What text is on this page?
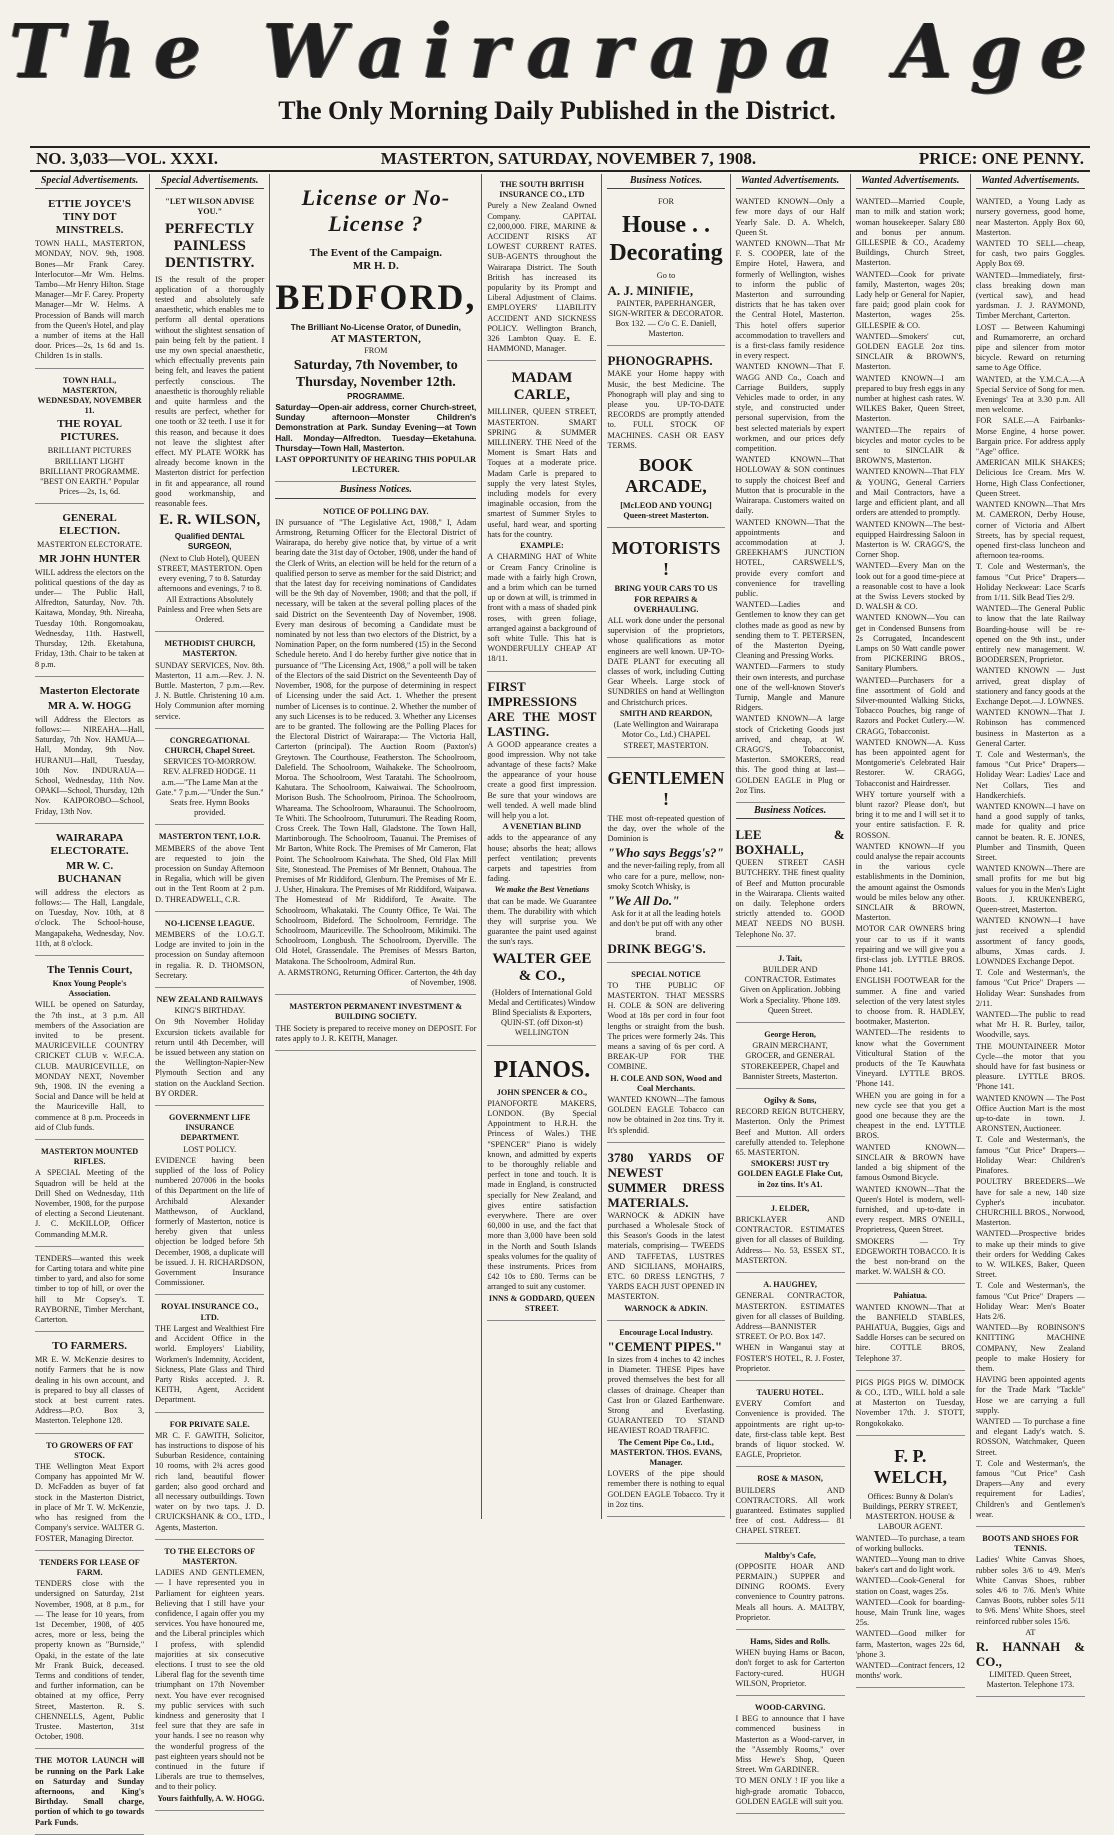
The Wairarapa Age
The Only Morning Daily Published in the District.
NO. 3,033—VOL. XXXI.	MASTERTON, SATURDAY, NOVEMBER 7, 1908.	PRICE: ONE PENNY.
Special Advertisements.
ETTIE JOYCE'S TINY DOT MINSTRELS.

TOWN HALL, MASTERTON, MONDAY, NOV. 9th, 1908. Bones—Mr Frank Carey. Interlocutor—Mr Wm. Helms. Tambo—Mr Henry Hilton. Stage Manager—Mr F. Carey. Property Manager—Mr W. Helms. A Procession of Bands will march from the Queen's Hotel, and play a number of items at the Hall door. Prices—2s, 1s 6d and 1s. Children 1s in stalls.

TOWN HALL, MASTERTON, WEDNESDAY, NOVEMBER 11.

THE ROYAL PICTURES.

BRILLIANT PICTURES BRILLIANT LIGHT BRILLIANT PROGRAMME. "BEST ON EARTH." Popular Prices—2s, 1s, 6d.

GENERAL ELECTION.

MASTERTON ELECTORATE.

MR JOHN HUNTER

WILL address the electors on the political questions of the day as under— The Public Hall, Alfredton, Saturday, Nov. 7th. Kaitawa, Monday, 9th. Nireaha, Tuesday 10th. Rongomoakau, Wednesday, 11th. Hastwell, Thursday, 12th. Eketahuna, Friday, 13th. Chair to be taken at 8 p.m.

Masterton Electorate
MR A. W. HOGG

will Address the Electors as follows:— NIREAHA—Hall, Saturday, 7th Nov. HAMUA—Hall, Monday, 9th Nov. HURANUI—Hall, Tuesday, 10th Nov. INDURAUA—School, Wednesday, 11th Nov. OPAKI—School, Thursday, 12th Nov. KAIPOROBO—School, Friday, 13th Nov.

WAIRARAPA ELECTORATE.
MR W. C. BUCHANAN

will address the electors as follows:— The Hall, Langdale, on Tuesday, Nov. 10th, at 8 o'clock. The School-house, Mangapakeha, Wednesday, Nov. 11th, at 8 o'clock.

The Tennis Court,

Knox Young People's Association.

WILL be opened on Saturday, the 7th inst., at 3 p.m. All members of the Association are invited to be present. MAURICEVILLE COUNTRY CRICKET CLUB v. W.F.C.A. CLUB. MAURICEVILLE, on MONDAY NEXT, November 9th, 1908. IN the evening a Social and Dance will be held at the Mauriceville Hall, to commence at 8 p.m. Proceeds in aid of Club funds.

MASTERTON MOUNTED RIFLES.

A SPECIAL Meeting of the Squadron will be held at the Drill Shed on Wednesday, 11th November, 1908, for the purpose of electing a Second Lieutenant. J. C. McKILLOP, Officer Commanding M.M.R.

TENDERS—wanted this week for Carting totara and white pine timber to yard, and also for some timber to top of hill, or over the hill to Mr Copsey's. T. RAYBORNE, Timber Merchant, Carterton.

TO FARMERS.

MR E. W. McKenzie desires to notify Farmers that he is now dealing in his own account, and is prepared to buy all classes of stock at best current rates. Address—P.O. Box 3, Masterton. Telephone 128.

TO GROWERS OF FAT STOCK.

THE Wellington Meat Export Company has appointed Mr W. D. McFadden as buyer of fat stock in the Masterton District, in place of Mr T. W. McKenzie, who has resigned from the Company's service. WALTER G. FOSTER, Managing Director.

TENDERS FOR LEASE OF FARM.

TENDERS close with the undersigned on Saturday, 21st November, 1908, at 8 p.m., for— The lease for 10 years, from 1st December, 1908, of 405 acres, more or less, being the property known as "Burnside," Opaki, in the estate of the late Mr Frank Buick, deceased. Terms and conditions of tender, and further information, can be obtained at my office, Perry Street, Masterton. R. S. CHENNELLS, Agent, Public Trustee. Masterton, 31st October, 1908.

THE MOTOR LAUNCH will be running on the Park Lake on Saturday and Sunday afternoons, and King's Birthday. Small charge, portion of which to go towards Park Funds.

Special Advertisements.

"LET WILSON ADVISE YOU."

PERFECTLY PAINLESS DENTISTRY.

IS the result of the proper application of a thoroughly tested and absolutely safe anaesthetic, which enables me to perform all dental operations without the slightest sensation of pain being felt by the patient. I use my own special anaesthetic, which effectually prevents pain being felt, and leaves the patient perfectly conscious. The anaesthetic is thoroughly reliable and quite harmless and the results are perfect, whether for one tooth or 32 teeth. I use it for this reason, and because it does not leave the slightest after effect. MY PLATE WORK has already become known in the Masterton district for perfection in fit and appearance, all round good workmanship, and reasonable fees.

E. R. WILSON,

Qualified DENTAL SURGEON,

(Next to Club Hotel), QUEEN STREET, MASTERTON. Open every evening, 7 to 8. Saturday afternoons and evenings, 7 to 8. All Extractions Absolutely Painless and Free when Sets are Ordered.

METHODIST CHURCH, MASTERTON.

SUNDAY SERVICES, Nov. 8th. Masterton, 11 a.m.—Rev. J. N. Buttle. Masterton, 7 p.m.—Rev. J. N. Buttle. Christening 10 a.m. Holy Communion after morning service.

CONGREGATIONAL CHURCH, Chapel Street.

SERVICES TO-MORROW. REV. ALFRED HODGE. 11 a.m.—"The Lame Man at the Gate." 7 p.m.—"Under the Sun." Seats free. Hymn Books provided.

MASTERTON TENT, I.O.R.

MEMBERS of the above Tent are requested to join the procession on Sunday Afternoon in Regalia, which will be given out in the Tent Room at 2 p.m. D. THREADWELL, C.R.

NO-LICENSE LEAGUE.

MEMBERS of the I.O.G.T. Lodge are invited to join in the procession on Sunday afternoon in regalia. R. D. THOMSON, Secretary.

NEW ZEALAND RAILWAYS

KING'S BIRTHDAY.

On 9th November Holiday Excursion tickets available for return until 4th December, will be issued between any station on the Wellington-Napier-New Plymouth Section and any station on the Auckland Section. BY ORDER.

GOVERNMENT LIFE INSURANCE DEPARTMENT.

LOST POLICY.

EVIDENCE having been supplied of the loss of Policy numbered 207006 in the books of this Department on the life of Archibald Alexander Matthewson, of Auckland, formerly of Masterton, notice is hereby given that unless objection be lodged before 5th December, 1908, a duplicate will be issued. J. H. RICHARDSON, Government Insurance Commissioner.

ROYAL INSURANCE CO., LTD.

THE Largest and Wealthiest Fire and Accident Office in the world. Employers' Liability, Workmen's Indemnity, Accident, Sickness, Plate Glass and Third Party Risks accepted. J. R. KEITH, Agent, Accident Department.

FOR PRIVATE SALE.

MR C. F. GAWITH, Solicitor, has instructions to dispose of his Suburban Residence, containing 10 rooms, with 2¾ acres good rich land, beautiful flower garden; also good orchard and all necessary outbuildings. Town water on by two taps. J. D. CRUICKSHANK & CO., LTD., Agents, Masterton.

TO THE ELECTORS OF MASTERTON.

LADIES AND GENTLEMEN,— I have represented you in Parliament for eighteen years. Believing that I still have your confidence, I again offer you my services. You have honoured me, and the Liberal principles which I profess, with splendid majorities at six consecutive elections. I trust to see the old Liberal flag for the seventh time triumphant on 17th November next. You have ever recognised my public services with such kindness and generosity that I feel sure that they are safe in your hands. I see no reason why the wonderful progress of the past eighteen years should not be continued in the future if Liberals are true to themselves, and to their policy.

Yours faithfully, A. W. HOGG.

License or No-License ?

The Event of the Campaign.

MR H. D.

BEDFORD,

The Brilliant No-License Orator, of Dunedin,

AT MASTERTON,

FROM

Saturday, 7th November, to Thursday, November 12th.

PROGRAMME.

Saturday—Open-air address, corner Church-street, Sunday afternoon—Monster Children's Demonstration at Park. Sunday Evening—at Town Hall. Monday—Alfredton. Tuesday—Eketahuna. Thursday—Town Hall, Masterton.

LAST OPPORTUNITY OF HEARING THIS POPULAR LECTURER.

Business Notices.

NOTICE OF POLLING DAY.

IN pursuance of "The Legislative Act, 1908," I, Adam Armstrong, Returning Officer for the Electoral District of Wairarapa, do hereby give notice that, by virtue of a writ bearing date the 31st day of October, 1908, under the hand of the Clerk of Writs, an election will be held for the return of a qualified person to serve as member for the said District; and that the latest day for receiving nominations of Candidates will be the 9th day of November, 1908; and that the poll, if necessary, will be taken at the several polling places of the said District on the Seventeenth Day of November, 1908. Every man desirous of becoming a Candidate must be nominated by not less than two electors of the District, by a Nomination Paper, on the form numbered (15) in the Second Schedule hereto. And I do hereby further give notice that in pursuance of "The Licensing Act, 1908," a poll will be taken of the Electors of the said District on the Seventeenth Day of November, 1908, for the purpose of determining in respect of Licensing under the said Act. 1. Whether the present number of Licenses is to continue. 2. Whether the number of any such Licenses is to be reduced. 3. Whether any Licenses are to be granted. The following are the Polling Places for the Electoral District of Wairarapa:— The Victoria Hall, Carterton (principal). The Auction Room (Paxton's) Greytown. The Courthouse, Featherston. The Schoolroom, Dalefield. The Schoolroom, Waihakeke. The Schoolroom, Moroa. The Schoolroom, West Taratahi. The Schoolroom, Kahutara. The Schoolroom, Kaiwaiwai. The Schoolroom, Morison Bush. The Schoolroom, Pirinoa. The Schoolroom, Whareama. The Schoolroom, Wharaunui. The Schoolroom, Te Whiti. The Schoolroom, Tuturumuri. The Reading Room, Cross Creek. The Town Hall, Gladstone. The Town Hall, Martinborough. The Schoolroom, Tauanui. The Premises of Mr Barton, White Rock. The Premises of Mr Cameron, Flat Point. The Schoolroom Kaiwhata. The Shed, Old Flax Mill Site, Stonestead. The Premises of Mr Bennett, Otahoua. The Premises of Mr Riddiford, Glenburn. The Premises of Mr E. J. Usher, Hinakura. The Premises of Mr Riddiford, Waipawa. The Homestead of Mr Riddiford, Te Awaite. The Schoolroom, Whakataki. The County Office, Te Wai. The Schoolroom, Bideford. The Schoolroom, Fernridge. The Schoolroom, Mauriceville. The Schoolroom, Mikimiki. The Schoolroom, Longbush. The Schoolroom, Dyerville. The Old Hotel, Grassendale. The Premises of Messrs Barton, Matakona. The Schoolroom, Admiral Run.

A. ARMSTRONG, Returning Officer. Carterton, the 4th day of November, 1908.

MASTERTON PERMANENT INVESTMENT & BUILDING SOCIETY.

THE Society is prepared to receive money on DEPOSIT. For rates apply to J. R. KEITH, Manager.

THE SOUTH BRITISH INSURANCE CO., LTD

Purely a New Zealand Owned Company. CAPITAL £2,000,000. FIRE, MARINE & ACCIDENT RISKS AT LOWEST CURRENT RATES. SUB-AGENTS throughout the Wairarapa District. The South British has increased its popularity by its Prompt and Liberal Adjustment of Claims. EMPLOYERS' LIABILITY ACCIDENT AND SICKNESS POLICY. Wellington Branch, 326 Lambton Quay. E. E. HAMMOND, Manager.

MADAM CARLE,

MILLINER, QUEEN STREET, MASTERTON. SMART SPRING & SUMMER MILLINERY. THE Need of the Moment is Smart Hats and Toques at a moderate price. Madam Carle is prepared to supply the very latest Styles, including models for every imaginable occasion, from the smartest of Summer Styles to useful, hard wear, and sporting hats for the country.

EXAMPLE:

A CHARMING HAT of White or Cream Fancy Crinoline is made with a fairly high Crown, and a brim which can be turned up or down at will, is trimmed in front with a mass of shaded pink roses, with green foliage, arranged against a background of soft white Tulle. This hat is WONDERFULLY CHEAP AT 18/11.

FIRST IMPRESSIONS ARE THE MOST LASTING.

A GOOD appearance creates a good impression. Why not take advantage of these facts? Make the appearance of your house create a good first impression. Be sure that your windows are well tended. A well made blind will help you a lot.

A VENETIAN BLIND

adds to the appearance of any house; absorbs the heat; allows perfect ventilation; prevents carpets and tapestries from fading.

We make the Best Venetians

that can be made. We Guarantee them. The durability with which they will surprise you. We guarantee the paint used against the sun's rays.

WALTER GEE & CO.,

(Holders of International Gold Medal and Certificates) Window Blind Specialists & Exporters, QUIN-ST. (off Dixon-st) WELLINGTON

PIANOS.

JOHN SPENCER & CO.,

PIANOFORTE MAKERS, LONDON. (By Special Appointment to H.R.H. the Princess of Wales.) THE "SPENCER" Piano is widely known, and admitted by experts to be thoroughly reliable and perfect in tone and touch. It is made in England, is constructed specially for New Zealand, and gives entire satisfaction everywhere. There are over 60,000 in use, and the fact that more than 3,000 have been sold in the North and South Islands speaks volumes for the quality of these instruments. Prices from £42 10s to £80. Terms can be arranged to suit any customer.

INNS & GODDARD, QUEEN STREET.

Business Notices.

FOR

House . . Decorating

Go to

A. J. MINIFIE,

PAINTER, PAPERHANGER, SIGN-WRITER & DECORATOR. Box 132. — C/o C. E. Daniell, Masterton.

PHONOGRAPHS.

MAKE your Home happy with Music, the best Medicine. The Phonograph will play and sing to please you. UP-TO-DATE RECORDS are promptly attended to. FULL STOCK OF MACHINES. CASH OR EASY TERMS.

BOOK ARCADE,

[McLEOD AND YOUNG] Queen-street Masterton.

MOTORISTS !

BRING YOUR CARS TO US FOR REPAIRS & OVERHAULING.

ALL work done under the personal supervision of the proprietors, whose qualifications as motor engineers are well known. UP-TO-DATE PLANT for executing all classes of work, including Cutting Gear Wheels. Large stock of SUNDRIES on hand at Wellington and Christchurch prices.

SMITH AND REARDON,

(Late Wellington and Wairarapa Motor Co., Ltd.) CHAPEL STREET, MASTERTON.

GENTLEMEN !

THE most oft-repeated question of the day, over the whole of the Dominion is

"Who says Beggs's?"

and the never-failing reply, from all who care for a pure, mellow, non-smoky Scotch Whisky, is

"We All Do."

Ask for it at all the leading hotels and don't be put off with any other brand.

DRINK BEGG'S.

SPECIAL NOTICE

TO THE PUBLIC OF MASTERTON. THAT MESSRS H. COLE & SON are delivering Wood at 18s per cord in four foot lengths or straight from the bush. The prices were formerly 24s. This means a saving of 6s per cord. A BREAK-UP FOR THE COMBINE.

H. COLE AND SON, Wood and Coal Merchants.

WANTED KNOWN—The famous GOLDEN EAGLE Tobacco can now be obtained in 2oz tins. Try it. It's splendid.

3780 YARDS OF NEWEST SUMMER DRESS MATERIALS.

WARNOCK & ADKIN have purchased a Wholesale Stock of this Season's Goods in the latest materials, comprising— TWEEDS AND TAFFETAS, LUSTRES AND SICILIANS, MOHAIRS, ETC. 60 DRESS LENGTHS, 7 YARDS EACH JUST OPENED IN MASTERTON.

WARNOCK & ADKIN.

Encourage Local Industry.

"CEMENT PIPES."

In sizes from 4 inches to 42 inches in Diameter. THESE Pipes have proved themselves the best for all classes of drainage. Cheaper than Cast Iron or Glazed Earthenware. Strong and Everlasting. GUARANTEED TO STAND HEAVIEST ROAD TRAFFIC.

The Cement Pipe Co., Ltd., MASTERTON. THOS. EVANS, Manager.

LOVERS of the pipe should remember there is nothing to equal GOLDEN EAGLE Tobacco. Try it in 2oz tins.

Wanted Advertisements.

WANTED KNOWN—Only a few more days of our Half Yearly Sale. D. A. Whelch, Queen St.

WANTED KNOWN—That Mr F. S. COOPER, late of the Empire Hotel, Hawera, and formerly of Wellington, wishes to inform the public of Masterton and surrounding districts that he has taken over the Central Hotel, Masterton. This hotel offers superior accommodation to travellers and is a first-class family residence in every respect.

WANTED KNOWN—That F. WAGG AND Co., Coach and Carriage Builders, supply Vehicles made to order, in any style, and constructed under personal supervision, from the best selected materials by expert workmen, and our prices defy competition.

WANTED KNOWN—That HOLLOWAY & SON continues to supply the choicest Beef and Mutton that is procurable in the Wairarapa. Customers waited on daily.

WANTED KNOWN—That the appointments and accommodation at J. GREEKHAM'S JUNCTION HOTEL, CARSWELL'S, provide every comfort and convenience for travelling public.

WANTED—Ladies and Gentlemen to know they can get clothes made as good as new by sending them to T. PETERSEN, of the Masterton Dyeing, Cleaning and Pressing Works.

WANTED—Farmers to study their own interests, and purchase one of the well-known Stover's Turnip, Mangle and Manure Ridgers.

WANTED KNOWN—A large stock of Cricketing Goods just arrived, and cheap, at W. CRAGG'S, Tobacconist, Masterton. SMOKERS, read this. The good thing at last—GOLDEN EAGLE in Plug or 2oz Tins.

Business Notices.

LEE & BOXHALL,

QUEEN STREET CASH BUTCHERY. THE finest quality of Beef and Mutton procurable in the Wairarapa. Clients waited on daily. Telephone orders strictly attended to. GOOD MEAT NEEDS NO BUSH. Telephone No. 37.

J. Tait,

BUILDER AND CONTRACTOR. Estimates Given on Application. Jobbing Work a Speciality. 'Phone 189. Queen Street.

George Heron,

GRAIN MERCHANT, GROCER, and GENERAL STOREKEEPER, Chapel and Bannister Streets, Masterton.

Ogilvy & Sons,

RECORD REIGN BUTCHERY, Masterton. Only the Primest Beef and Mutton. All orders carefully attended to. Telephone 65. MASTERTON.

SMOKERS! JUST try GOLDEN EAGLE Flake Cut, in 2oz tins. It's A1.

J. ELDER,

BRICKLAYER AND CONTRACTOR. ESTIMATES given for all classes of Building. Address— No. 53, ESSEX ST., MASTERTON.

A. HAUGHEY,

GENERAL CONTRACTOR, MASTERTON. ESTIMATES given for all classes of Building. Address—BANNISTER STREET. Or P.O. Box 147.

WHEN in Wanganui stay at FOSTER'S HOTEL, R. J. Foster, Proprietor.

TAUERU HOTEL.

EVERY Comfort and Convenience is provided. The appointments are right up-to-date, first-class table kept. Best brands of liquor stocked. W. EAGLE, Proprietor.

ROSE & MASON,

BUILDERS AND CONTRACTORS. All work guaranteed. Estimates supplied free of cost. Address— 81 CHAPEL STREET.

Maltby's Cafe,

(OPPOSITE HOAR AND PERMAIN.) SUPPER and DINING ROOMS. Every convenience to Country patrons. Meals all hours. A. MALTBY, Proprietor.

Hams, Sides and Rolls.

WHEN buying Hams or Bacon, don't forget to ask for Carterton Factory-cured. HUGH WILSON, Proprietor.

WOOD-CARVING.

I BEG to announce that I have commenced business in Masterton as a Wood-carver, in the "Assembly Rooms," over Miss Hewe's Shop, Queen Street. Wm GARDINER.

TO MEN ONLY ! IF you like a high-grade aromatic Tobacco, GOLDEN EAGLE will suit you.

Wanted Advertisements.

WANTED—Married Couple, man to milk and station work; woman housekeeper. Salary £80 and bonus per annum. GILLESPIE & CO., Academy Buildings, Church Street, Masterton.

WANTED—Cook for private family, Masterton, wages 20s; Lady help or General for Napier, fare paid; good plain cook for Masterton, wages 25s. GILLESPIE & CO.

WANTED—Smokers' cut, GOLDEN EAGLE 2oz tins. SINCLAIR & BROWN'S, Masterton.

WANTED KNOWN—I am prepared to buy fresh eggs in any number at highest cash rates. W. WILKES Baker, Queen Street, Masterton.

WANTED—The repairs of bicycles and motor cycles to be sent to SINCLAIR & BROWN'S, Masterton.

WANTED KNOWN—That FLY & YOUNG, General Carriers and Mail Contractors, have a large and efficient plant, and all orders are attended to promptly.

WANTED KNOWN—The best-equipped Hairdressing Saloon in Masterton is W. CRAGG'S, the Corner Shop.

WANTED—Every Man on the look out for a good time-piece at a reasonable cost to have a look at the Swiss Levers stocked by D. WALSH & CO.

WANTED KNOWN—You can get in Condensed Bunsens from 2s Corrugated, Incandescent Lamps on 50 Watt candle power from PICKERING BROS., Sanitary Plumbers.

WANTED—Purchasers for a fine assortment of Gold and Silver-mounted Walking Sticks, Tobacco Pouches, big range of Razors and Pocket Cutlery.—W. CRAGG, Tobacconist.

WANTED KNOWN—A. Kuss has been appointed agent for Montgomerie's Celebrated Hair Restorer. W. CRAGG, Tobacconist and Hairdresser.

WHY torture yourself with a blunt razor? Please don't, but bring it to me and I will set it to your entire satisfaction. F. R. ROSSON.

WANTED KNOWN—If you could analyse the repair accounts in the various cycle establishments in the Dominion, the amount against the Osmonds would be miles below any other. SINCLAIR & BROWN, Masterton.

MOTOR CAR OWNERS bring your car to us if it wants repairing and we will give you a first-class job. LYTTLE BROS. Phone 141.

ENGLISH FOOTWEAR for the summer. A fine and varied selection of the very latest styles to choose from. R. HADLEY, bootmaker, Masterton.

WANTED—The residents to know what the Government Viticultural Station of the products of the Te Kauwhata Vineyard. LYTTLE BROS. 'Phone 141.

WHEN you are going in for a new cycle see that you get a good one because they are the cheapest in the end. LYTTLE BROS.

WANTED KNOWN—SINCLAIR & BROWN have landed a big shipment of the famous Osmond Bicycle.

WANTED KNOWN—That the Queen's Hotel is modern, well-furnished, and up-to-date in every respect. MRS O'NEILL, Proprietress, Queen Street.

SMOKERS — Try EDGEWORTH TOBACCO. It is the best non-brand on the market. W. WALSH & CO.

Pahiatua.

WANTED KNOWN—That at the BANFIELD STABLES, PAHIATUA, Buggies, Gigs and Saddle Horses can be secured on hire. COTTLE BROS, Telephone 37.

PIGS PIGS PIGS W. DIMOCK & CO., LTD., WILL hold a sale at Masterton on Tuesday, November 17th. J. STOTT, Rongokokako.

F. P. WELCH,

Offices: Bunny & Dolan's Buildings, PERRY STREET, MASTERTON. HOUSE & LABOUR AGENT.

WANTED—To purchase, a team of working bullocks.

WANTED—Young man to drive baker's cart and do light work.

WANTED—Cook-General for station on Coast, wages 25s.

WANTED—Cook for boarding-house, Main Trunk line, wages 25s.

WANTED—Good milker for farm, Masterton, wages 22s 6d, 'phone 3.

WANTED—Contract fencers, 12 months' work.

Wanted Advertisements.

WANTED, a Young Lady as nursery governess, good home, near Masterton. Apply Box 60, Masterton.

WANTED TO SELL—cheap, for cash, two pairs Goggles. Apply Box 69.

WANTED—Immediately, first-class breaking down man (vertical saw), and head yardsman. J. J. RAYMOND, Timber Merchant, Carterton.

LOST — Between Kahumingi and Rumamorerre, an orchard pipe and silencer from motor bicycle. Reward on returning same to Age Office.

WANTED, at the Y.M.C.A.—A Special Service of Song for men. Evenings' Tea at 3.30 p.m. All men welcome.

FOR SALE.—A Fairbanks-Morse Engine, 4 horse power. Bargain price. For address apply "Age" office.

AMERICAN MILK SHAKES; Delicious Ice Cream. Mrs W. Horne, High Class Confectioner, Queen Street.

WANTED KNOWN—That Mrs M. CAMERON, Derby House, corner of Victoria and Albert Streets, has by special request, opened first-class luncheon and afternoon tea-rooms.

T. Cole and Westerman's, the famous "Cut Price" Drapers—Holiday Neckwear: Lace Scarfs from 1/11. Silk Bead Ties 2/9.

WANTED—The General Public to know that the late Railway Boarding-house will be re-opened on the 9th inst., under entirely new management. W. BOODERSEN, Proprietor.

WANTED KNOWN — Just arrived, great display of stationery and fancy goods at the Exchange Depot.—J. LOWNES.

WANTED KNOWN—That J. Robinson has commenced business in Masterton as a General Carter.

T. Cole and Westerman's, the famous "Cut Price" Drapers—Holiday Wear: Ladies' Lace and Net Collars, Ties and Handkerchiefs.

WANTED KNOWN—I have on hand a good supply of tanks, made for quality and price cannot be beaten. R. E. JONES, Plumber and Tinsmith, Queen Street.

WANTED KNOWN—There are small profits for me but big values for you in the Men's Light Boots. J. KRUKENBERG, Queen-street, Masterton.

WANTED KNOWN—I have just received a splendid assortment of fancy goods, albums, Xmas cards. J. LOWNDES Exchange Depot.

T. Cole and Westerman's, the famous "Cut Price" Drapers — Holiday Wear: Sunshades from 2/11.

WANTED—The public to read what Mr H. R. Burley, tailor, Woodville, says.

THE MOUNTAINEER Motor Cycle—the motor that you should have for fast business or pleasure. LYTTLE BROS. 'Phone 141.

WANTED KNOWN — The Post Office Auction Mart is the most up-to-date in town. J. ARONSTEN, Auctioneer.

T. Cole and Westerman's, the famous "Cut Price" Drapers—Holiday Wear: Children's Pinafores.

POULTRY BREEDERS—We have for sale a new, 140 size Cypher's incubator. CHURCHILL BROS., Norwood, Masterton.

WANTED—Prospective brides to make up their minds to give their orders for Wedding Cakes to W. WILKES, Baker, Queen Street.

T. Cole and Westerman's, the famous "Cut Price" Drapers — Holiday Wear: Men's Boater Hats 2/6.

WANTED—By ROBINSON'S KNITTING MACHINE COMPANY, New Zealand people to make Hosiery for them.

HAVING been appointed agents for the Trade Mark "Tackle" Hose we are carrying a full supply.

WANTED — To purchase a fine and elegant Lady's watch. S. ROSSON, Watchmaker, Queen Street.

T. Cole and Westerman's, the famous "Cut Price" Cash Drapers—Any and every requirement for Ladies', Children's and Gentlemen's wear.

BOOTS AND SHOES FOR TENNIS.

Ladies' White Canvas Shoes, rubber soles 3/6 to 4/9. Men's White Canvas Shoes, rubber soles 4/6 to 7/6. Men's White Canvas Boots, rubber soles 5/11 to 9/6. Mens' White Shoes, steel reinforced rubber soles 15/6.

AT

R. HANNAH & CO.,

LIMITED. Queen Street, Masterton. Telephone 173.
